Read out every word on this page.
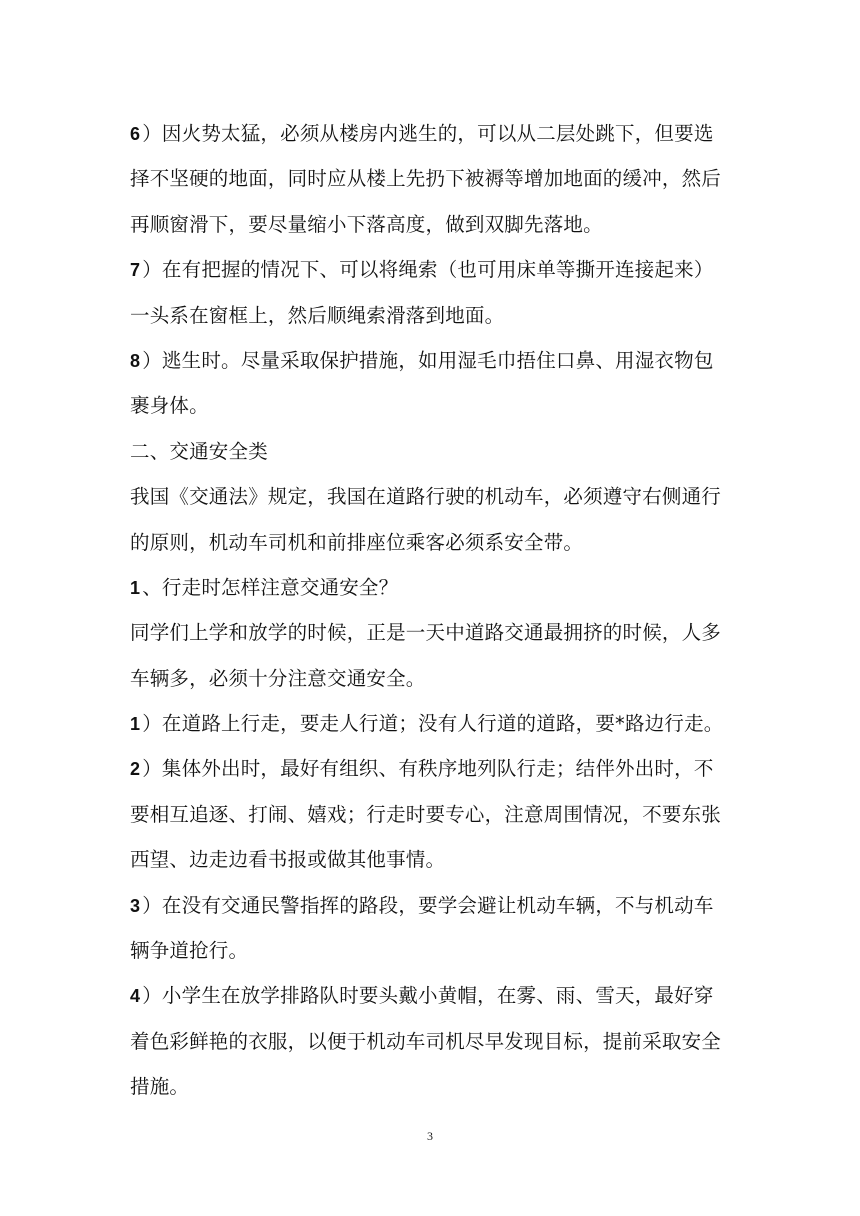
6 ）因火势太猛，必须从楼房内逃生的，可以从二层处跳下，但要选
择不坚硬的地面，同时应从楼上先扔下被褥等增加地面的缓冲，然后
再顺窗滑下，要尽量缩小下落高度，做到双脚先落地。
7 ）在有把握的情况下、可以将绳索（也可用床单等撕开连接起来）
一头系在窗框上，然后顺绳索滑落到地面。
8 ）逃生时。尽量采取保护措施，如用湿毛巾捂住口鼻、用湿衣物包
裹身体。
二、交通安全类
我国《交通法》规定，我国在道路行驶的机动车，必须遵守右侧通行
的原则，机动车司机和前排座位乘客必须系安全带。
1 、行走时怎样注意交通安全？
同学们上学和放学的时候，正是一天中道路交通最拥挤的时候，人多
车辆多，必须十分注意交通安全。
1 ）在道路上行走，要走人行道；没有人行道的道路，要*路边行走。
2 ）集体外出时，最好有组织、有秩序地列队行走；结伴外出时，不
要相互追逐、打闹、嬉戏；行走时要专心，注意周围情况，不要东张
西望、边走边看书报或做其他事情。
3 ）在没有交通民警指挥的路段，要学会避让机动车辆，不与机动车
辆争道抢行。
4 ）小学生在放学排路队时要头戴小黄帽，在雾、雨、雪天，最好穿
着色彩鲜艳的衣服，以便于机动车司机尽早发现目标，提前采取安全
措施。
3
